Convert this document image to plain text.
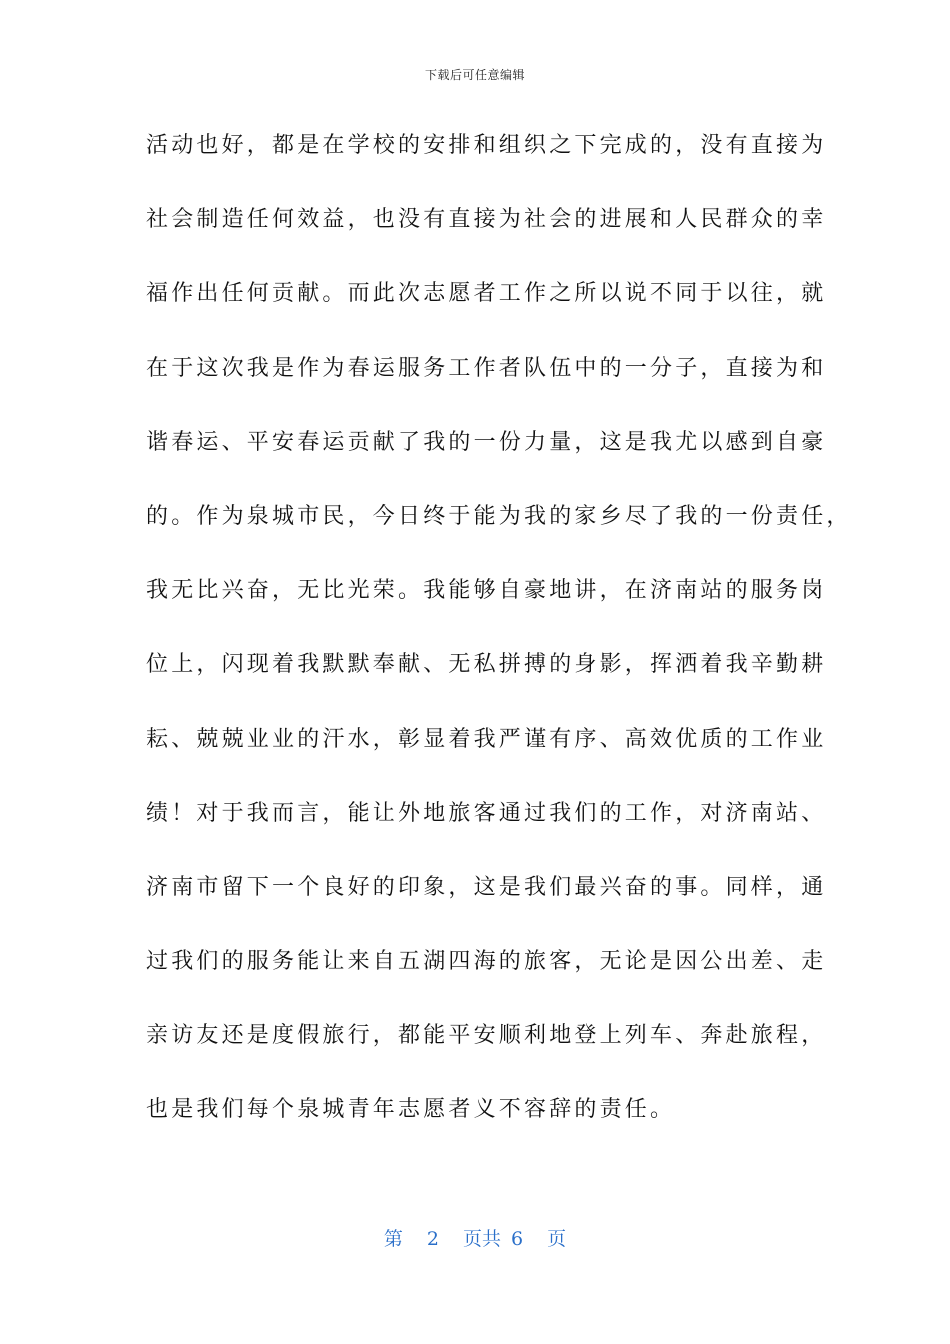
下载后可任意编辑
活动也好，都是在学校的安排和组织之下完成的，没有直接为
社会制造任何效益，也没有直接为社会的进展和人民群众的幸
福作出任何贡献。而此次志愿者工作之所以说不同于以往，就
在于这次我是作为春运服务工作者队伍中的一分子，直接为和
谐春运、平安春运贡献了我的一份力量，这是我尤以感到自豪
的。作为泉城市民，今日终于能为我的家乡尽了我的一份责任，
我无比兴奋，无比光荣。我能够自豪地讲，在济南站的服务岗
位上，闪现着我默默奉献、无私拼搏的身影，挥洒着我辛勤耕
耘、兢兢业业的汗水，彰显着我严谨有序、高效优质的工作业
绩！对于我而言，能让外地旅客通过我们的工作，对济南站、
济南市留下一个良好的印象，这是我们最兴奋的事。同样，通
过我们的服务能让来自五湖四海的旅客，无论是因公出差、走
亲访友还是度假旅行，都能平安顺利地登上列车、奔赴旅程，
也是我们每个泉城青年志愿者义不容辞的责任。
第 2 页共 6 页
